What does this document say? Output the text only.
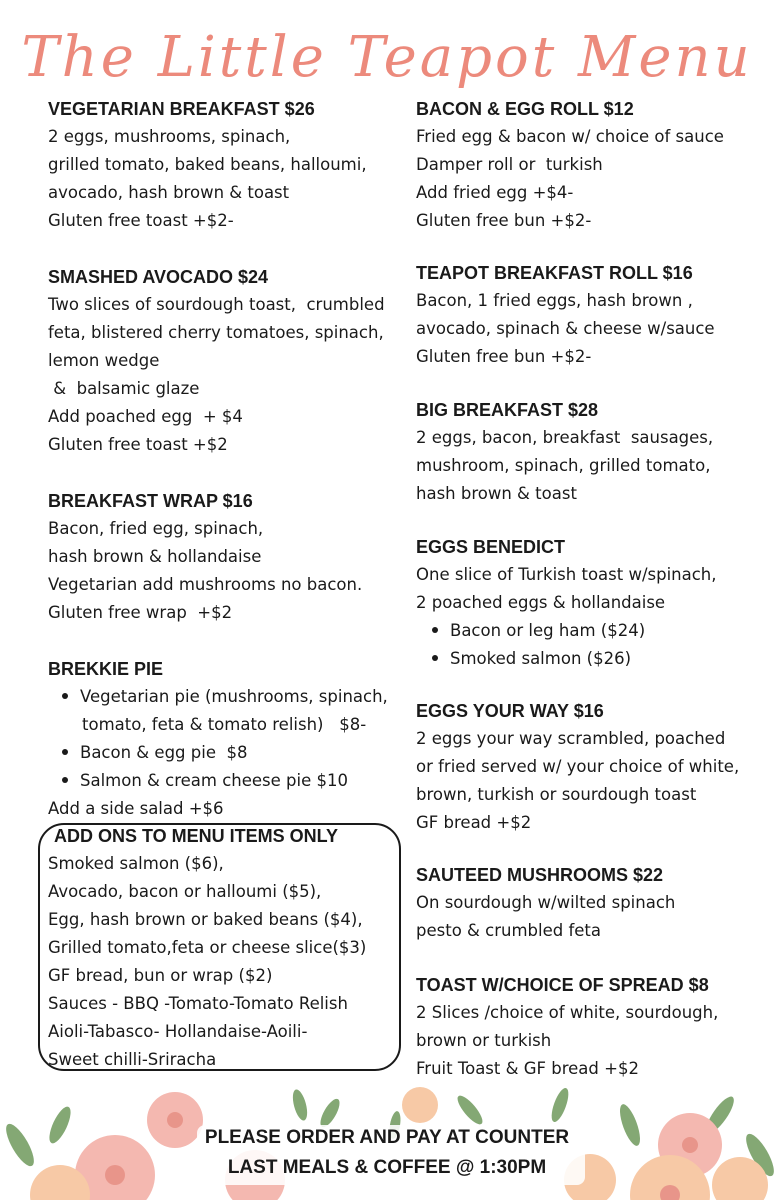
The Little Teapot Menu

VEGETARIAN BREAKFAST $26

2 eggs, mushrooms, spinach,

grilled tomato, baked beans, halloumi,

avocado, hash brown & toast

Gluten free toast +$2-

SMASHED AVOCADO $24

Two slices of sourdough toast,  crumbled

feta, blistered cherry tomatoes, spinach,

lemon wedge

&  balsamic glaze

Add poached egg  + $4

Gluten free toast +$2

BREAKFAST WRAP $16

Bacon, fried egg, spinach,

hash brown & hollandaise

Vegetarian add mushrooms no bacon.

Gluten free wrap  +$2

BREKKIE PIE

Vegetarian pie (mushrooms, spinach,
tomato, feta & tomato relish)   $8-
Bacon & egg pie  $8
Salmon & cream cheese pie $10

Add a side salad +$6

ADD ONS TO MENU ITEMS ONLY

Smoked salmon ($6),

Avocado, bacon or halloumi ($5),

Egg, hash brown or baked beans ($4),

Grilled tomato,feta or cheese slice($3)

GF bread, bun or wrap ($2)

Sauces - BBQ -Tomato-Tomato Relish

Aioli-Tabasco- Hollandaise-Aoili-

Sweet chilli-Sriracha

BACON & EGG ROLL $12

Fried egg & bacon w/ choice of sauce

Damper roll or  turkish

Add fried egg +$4-

Gluten free bun +$2-

TEAPOT BREAKFAST ROLL $16

Bacon, 1 fried eggs, hash brown ,

avocado, spinach & cheese w/sauce

Gluten free bun +$2-

BIG BREAKFAST $28

2 eggs, bacon, breakfast  sausages,

mushroom, spinach, grilled tomato,

hash brown & toast

EGGS BENEDICT

One slice of Turkish toast w/spinach,

2 poached eggs & hollandaise

Bacon or leg ham ($24)
Smoked salmon ($26)

EGGS YOUR WAY $16

2 eggs your way scrambled, poached

or fried served w/ your choice of white,

brown, turkish or sourdough toast

GF bread +$2

SAUTEED MUSHROOMS $22

On sourdough w/wilted spinach

pesto & crumbled feta

TOAST W/CHOICE OF SPREAD $8

2 Slices /choice of white, sourdough,

brown or turkish

Fruit Toast & GF bread +$2

PLEASE ORDER AND PAY AT COUNTER
LAST MEALS & COFFEE @ 1:30PM
